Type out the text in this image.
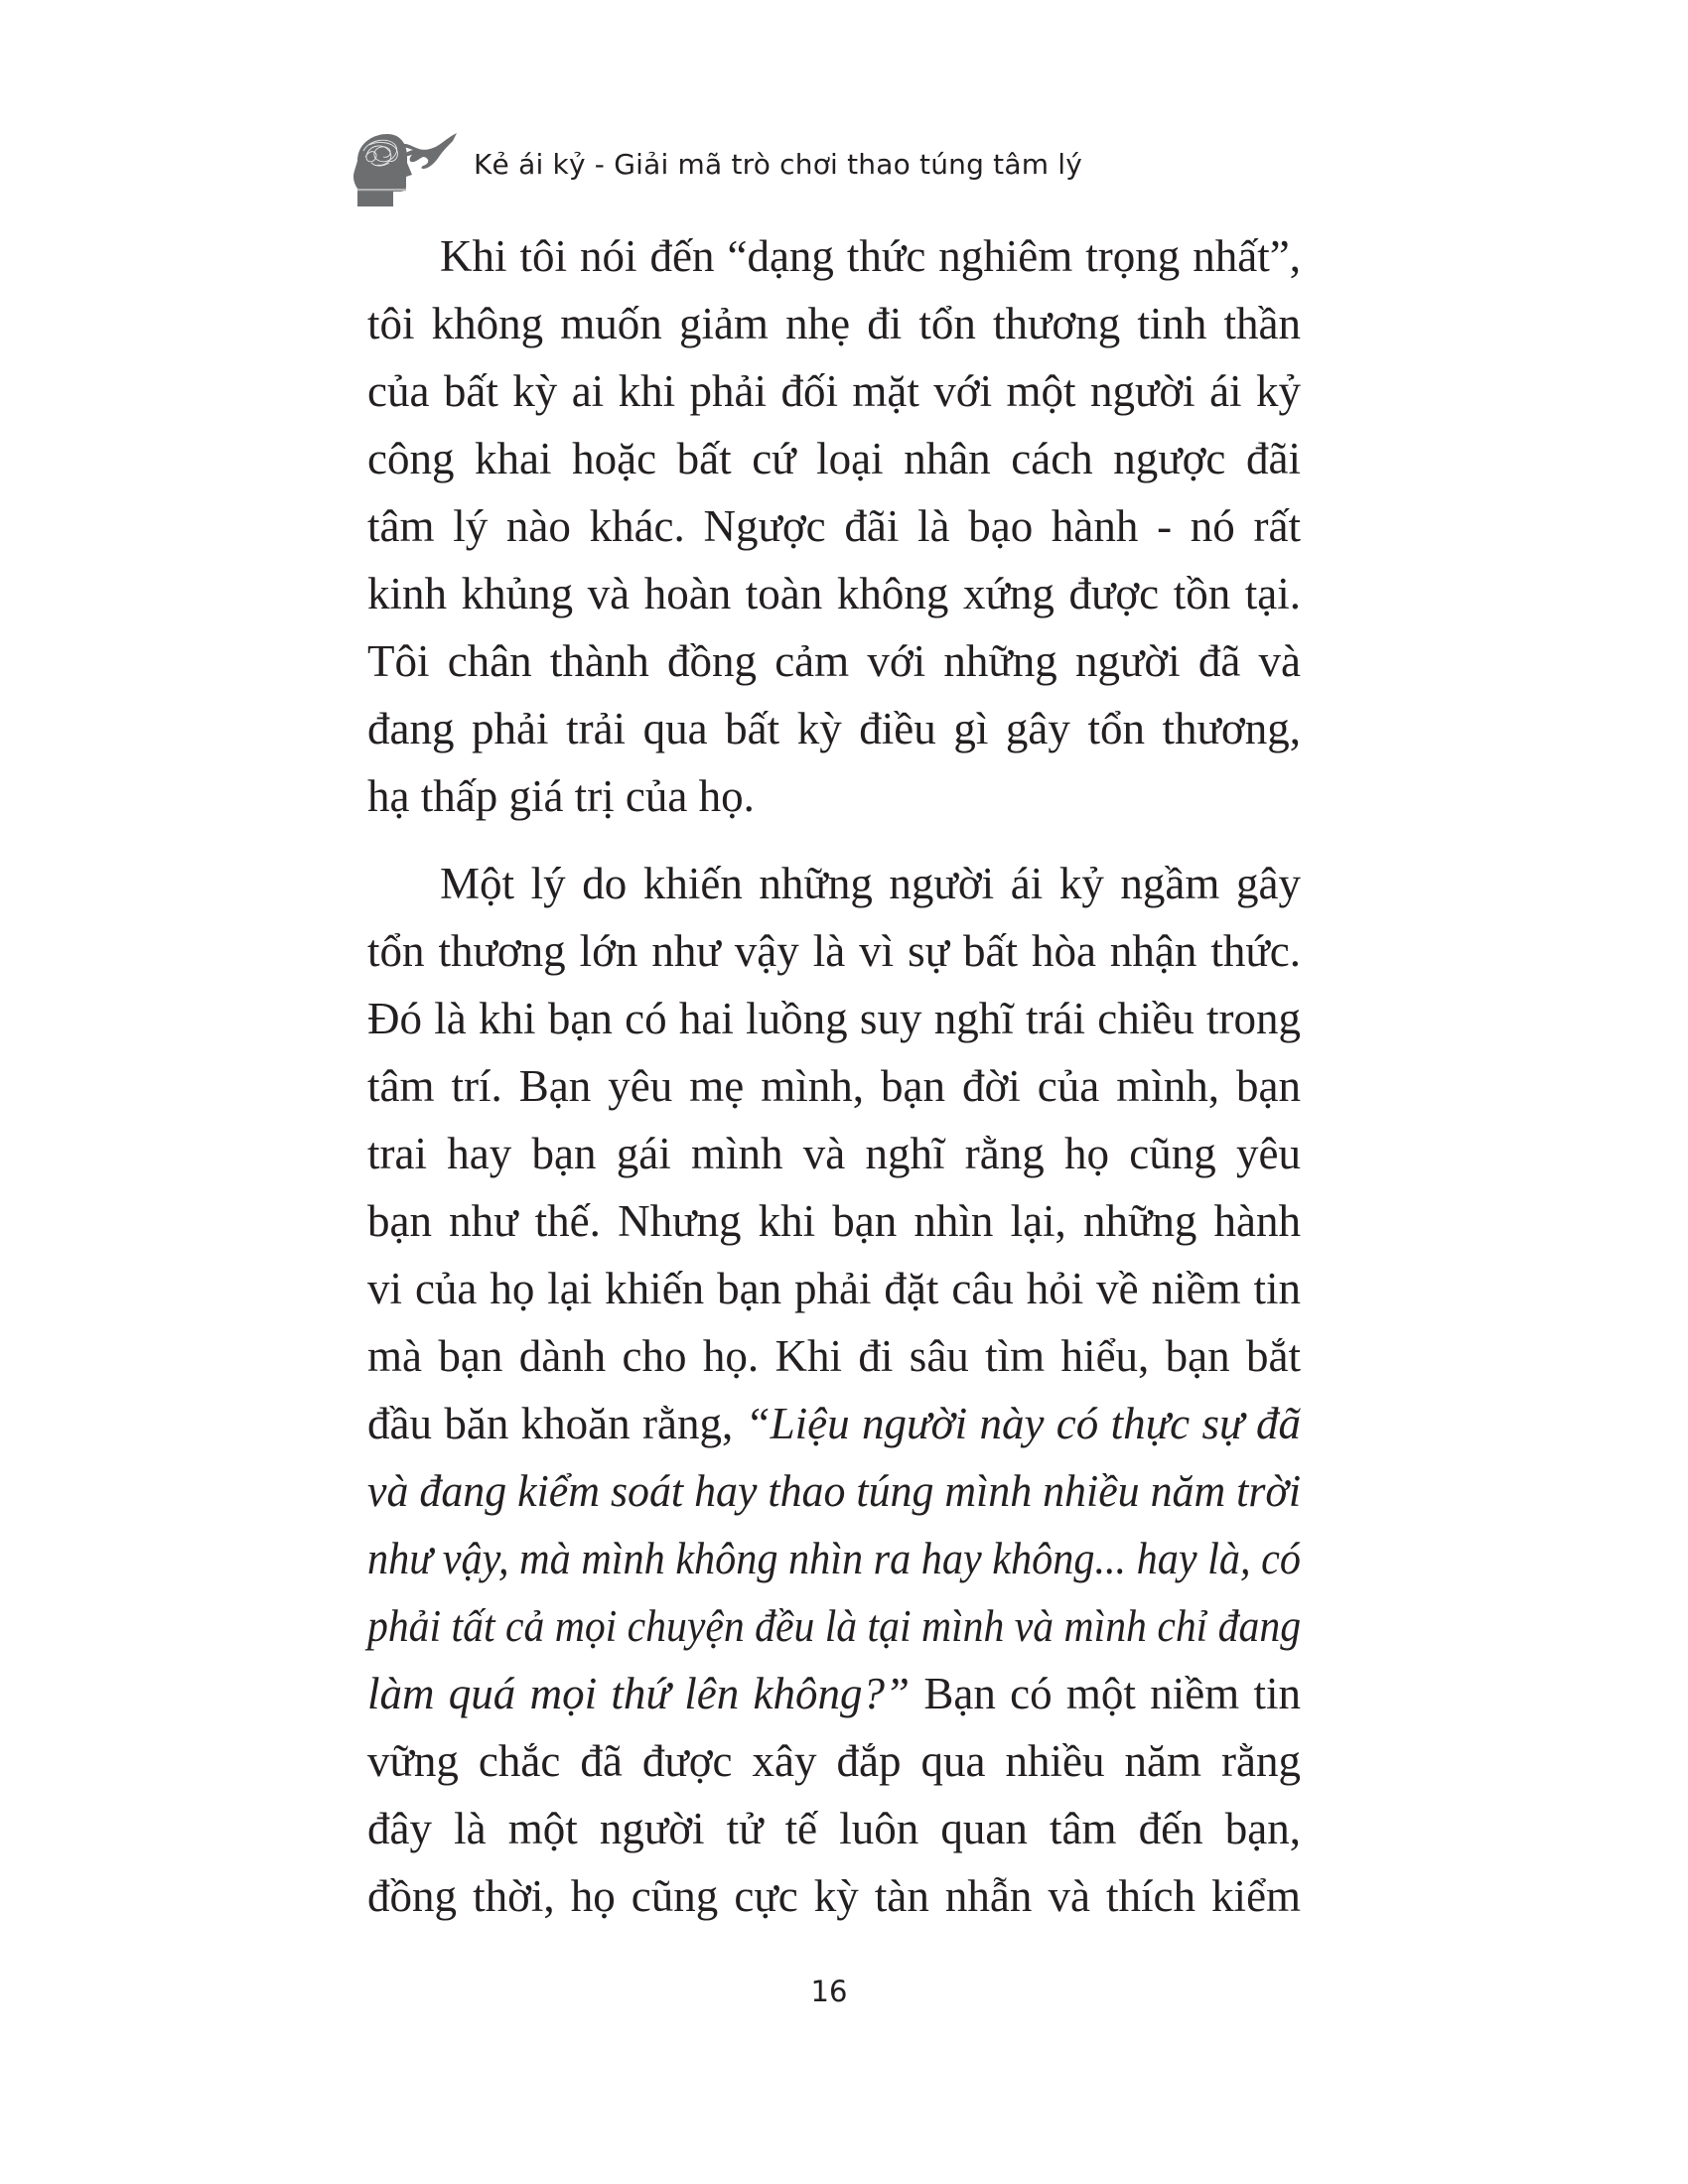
Kẻ ái kỷ - Giải mã trò chơi thao túng tâm lý
Khi tôi nói đến “dạng thức nghiêm trọng nhất”,
tôi không muốn giảm nhẹ đi tổn thương tinh thần
của bất kỳ ai khi phải đối mặt với một người ái kỷ
công khai hoặc bất cứ loại nhân cách ngược đãi
tâm lý nào khác. Ngược đãi là bạo hành - nó rất
kinh khủng và hoàn toàn không xứng được tồn tại.
Tôi chân thành đồng cảm với những người đã và
đang phải trải qua bất kỳ điều gì gây tổn thương,
hạ thấp giá trị của họ.
Một lý do khiến những người ái kỷ ngầm gây
tổn thương lớn như vậy là vì sự bất hòa nhận thức.
Đó là khi bạn có hai luồng suy nghĩ trái chiều trong
tâm trí. Bạn yêu mẹ mình, bạn đời của mình, bạn
trai hay bạn gái mình và nghĩ rằng họ cũng yêu
bạn như thế. Nhưng khi bạn nhìn lại, những hành
vi của họ lại khiến bạn phải đặt câu hỏi về niềm tin
mà bạn dành cho họ. Khi đi sâu tìm hiểu, bạn bắt
đầu băn khoăn rằng, “Liệu người này có thực sự đã
và đang kiểm soát hay thao túng mình nhiều năm trời
như vậy, mà mình không nhìn ra hay không... hay là, có
phải tất cả mọi chuyện đều là tại mình và mình chỉ đang
làm quá mọi thứ lên không?” Bạn có một niềm tin
vững chắc đã được xây đắp qua nhiều năm rằng
đây là một người tử tế luôn quan tâm đến bạn,
đồng thời, họ cũng cực kỳ tàn nhẫn và thích kiểm
16
